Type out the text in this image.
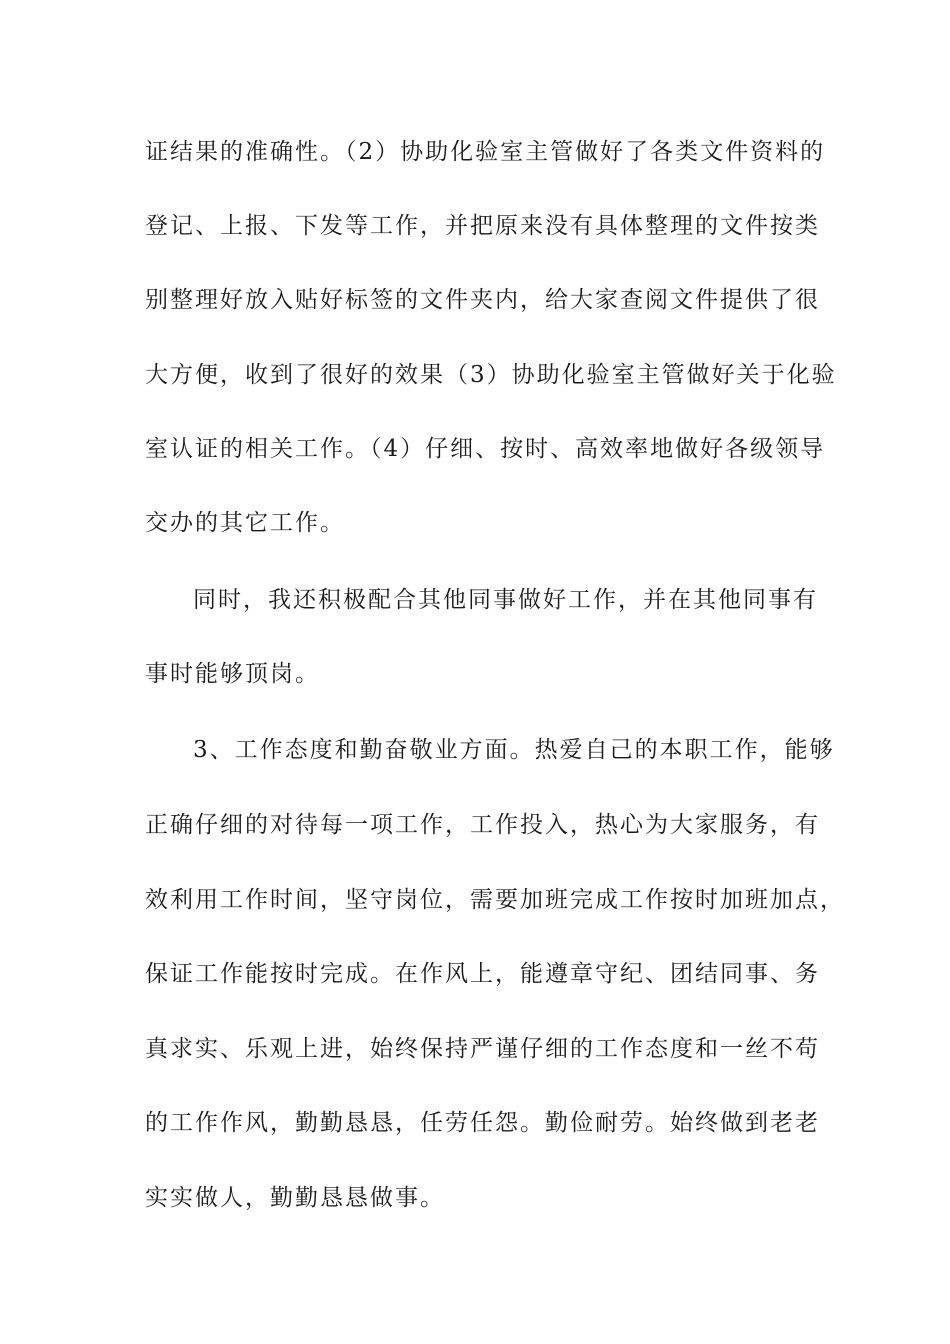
证结果的准确性。（2）协助化验室主管做好了各类文件资料的
登记、上报、下发等工作，并把原来没有具体整理的文件按类
别整理好放入贴好标签的文件夹内，给大家查阅文件提供了很
大方便，收到了很好的效果（3）协助化验室主管做好关于化验
室认证的相关工作。（4）仔细、按时、高效率地做好各级领导
交办的其它工作。
同时，我还积极配合其他同事做好工作，并在其他同事有
事时能够顶岗。
3、工作态度和勤奋敬业方面。热爱自己的本职工作，能够
正确仔细的对待每一项工作，工作投入，热心为大家服务，有
效利用工作时间，坚守岗位，需要加班完成工作按时加班加点，
保证工作能按时完成。在作风上，能遵章守纪、团结同事、务
真求实、乐观上进，始终保持严谨仔细的工作态度和一丝不苟
的工作作风，勤勤恳恳，任劳任怨。勤俭耐劳。始终做到老老
实实做人，勤勤恳恳做事。
